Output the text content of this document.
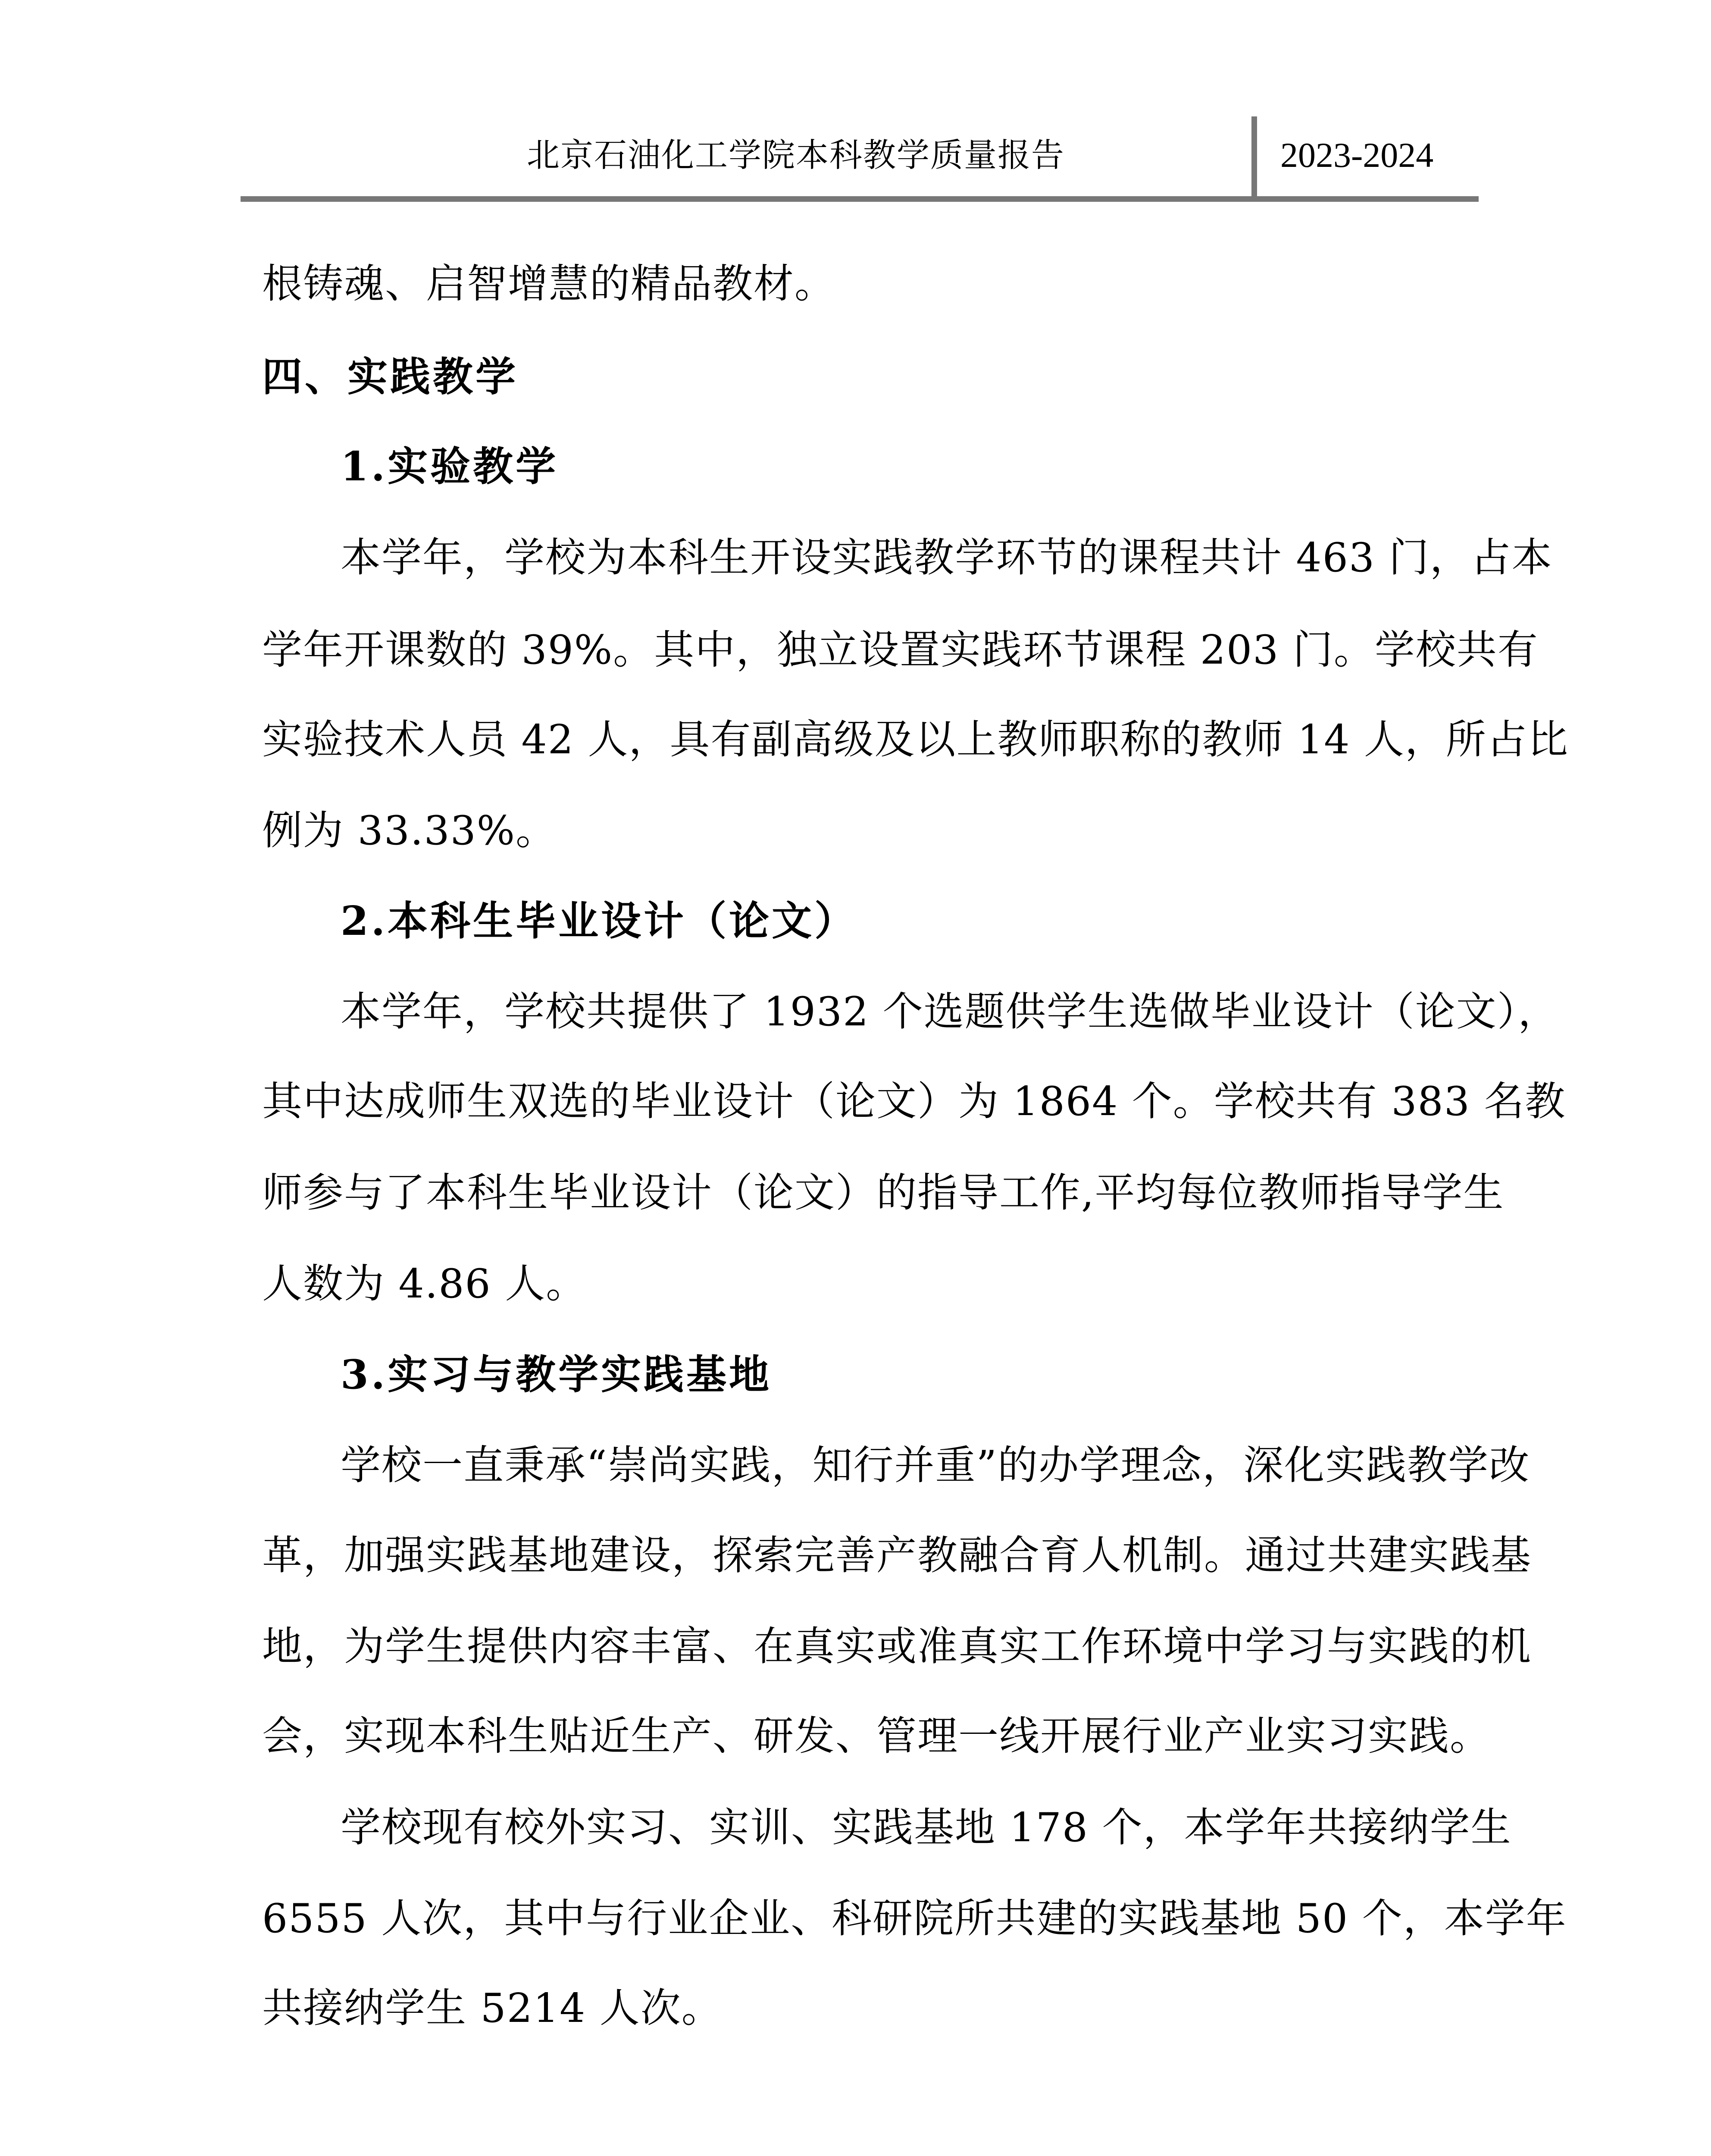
北京石油化工学院本科教学质量报告	2023-2024
根铸魂、启智增慧的精品教材。
四、实践教学
1.实验教学
本学年，学校为本科生开设实践教学环节的课程共计 463 门，占本
学年开课数的 39%。其中，独立设置实践环节课程 203 门。学校共有
实验技术人员 42 人，具有副高级及以上教师职称的教师 14 人，所占比
例为 33.33%。
2.本科生毕业设计（论文）
本学年，学校共提供了 1932 个选题供学生选做毕业设计（论文），
其中达成师生双选的毕业设计（论文）为 1864 个。学校共有 383 名教
师参与了本科生毕业设计（论文）的指导工作,平均每位教师指导学生
人数为 4.86 人。
3.实习与教学实践基地
学校一直秉承“崇尚实践，知行并重”的办学理念，深化实践教学改
革，加强实践基地建设，探索完善产教融合育人机制。通过共建实践基
地，为学生提供内容丰富、在真实或准真实工作环境中学习与实践的机
会，实现本科生贴近生产、研发、管理一线开展行业产业实习实践。
学校现有校外实习、实训、实践基地 178 个，本学年共接纳学生
6555 人次，其中与行业企业、科研院所共建的实践基地 50 个，本学年
共接纳学生 5214 人次。
